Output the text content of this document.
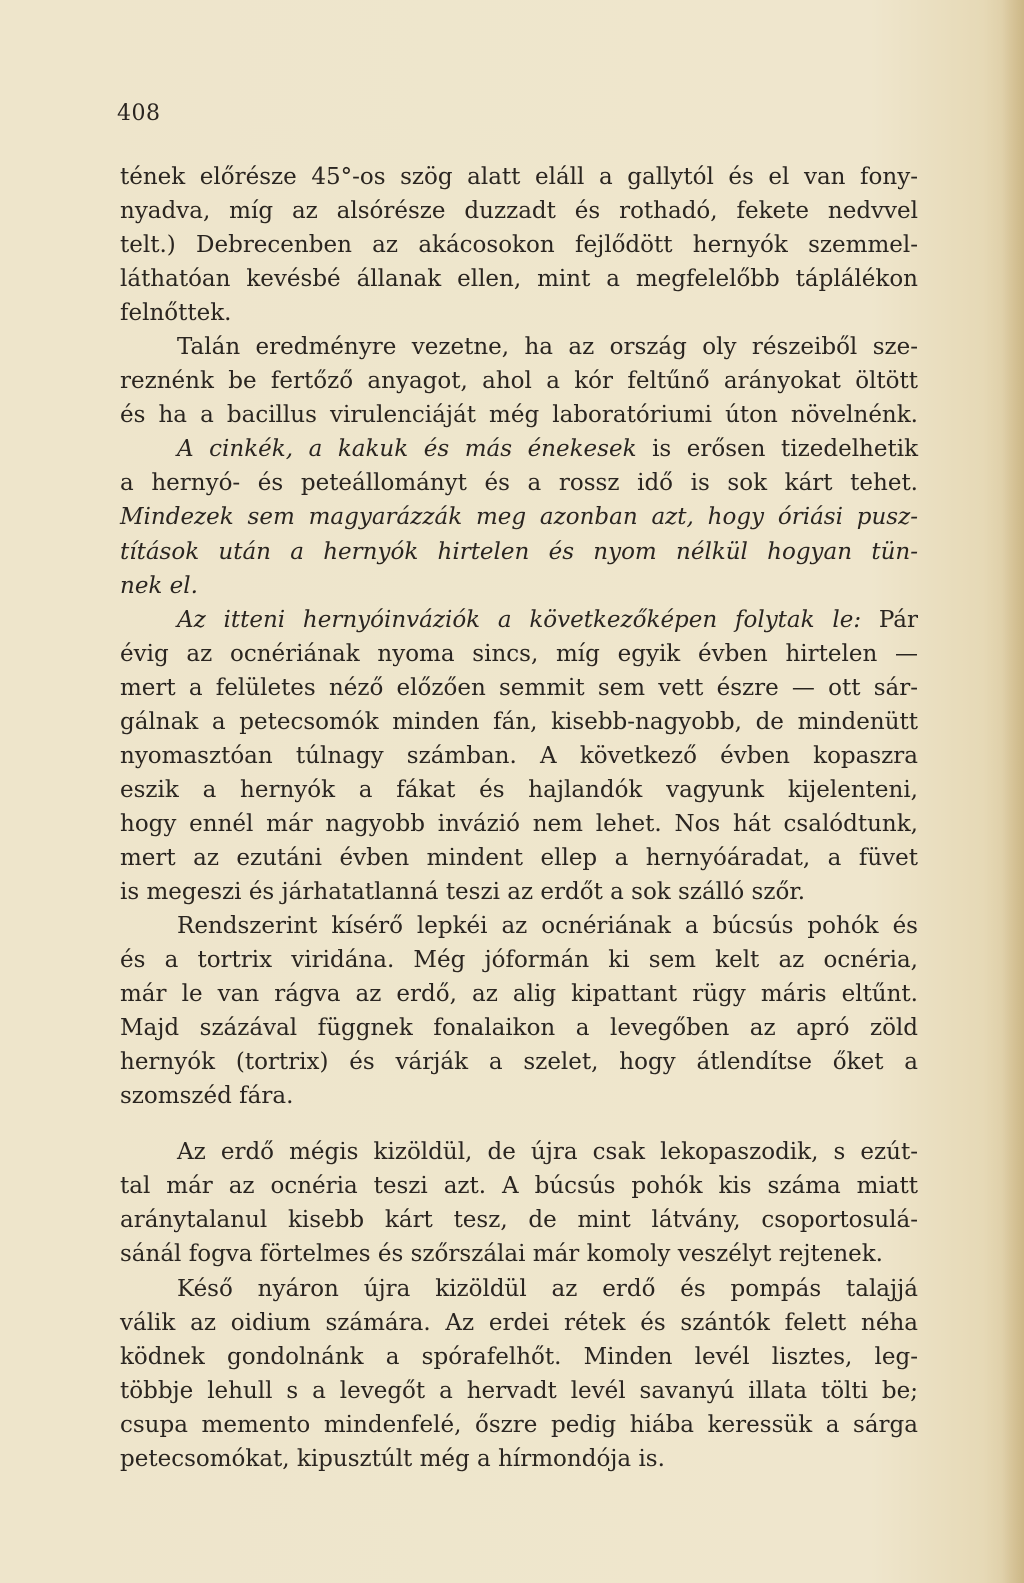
408
tének előrésze 45°-os szög alatt eláll a gallytól és el van fony-
nyadva, míg az alsórésze duzzadt és rothadó, fekete nedvvel
telt.) Debrecenben az akácosokon fejlődött hernyók szemmel-
láthatóan kevésbé állanak ellen, mint a megfelelőbb táplálékon
felnőttek.
Talán eredményre vezetne, ha az ország oly részeiből sze-
reznénk be fertőző anyagot, ahol a kór feltűnő arányokat öltött
és ha a bacillus virulenciáját még laboratóriumi úton növelnénk.
A cinkék, a kakuk és más énekesek is erősen tizedelhetik
a hernyó- és peteállományt és a rossz idő is sok kárt tehet.
Mindezek sem magyarázzák meg azonban azt, hogy óriási pusz-
títások után a hernyók hirtelen és nyom nélkül hogyan tün-
nek el.
Az itteni hernyóinváziók a következőképen folytak le: Pár
évig az ocnériának nyoma sincs, míg egyik évben hirtelen —
mert a felületes néző előzően semmit sem vett észre — ott sár-
gálnak a petecsomók minden fán, kisebb-nagyobb, de mindenütt
nyomasztóan túlnagy számban. A következő évben kopaszra
eszik a hernyók a fákat és hajlandók vagyunk kijelenteni,
hogy ennél már nagyobb invázió nem lehet. Nos hát csalódtunk,
mert az ezutáni évben mindent ellep a hernyóáradat, a füvet
is megeszi és járhatatlanná teszi az erdőt a sok szálló szőr.
Rendszerint kísérő lepkéi az ocnériának a búcsús pohók és
és a tortrix viridána. Még jóformán ki sem kelt az ocnéria,
már le van rágva az erdő, az alig kipattant rügy máris eltűnt.
Majd százával függnek fonalaikon a levegőben az apró zöld
hernyók (tortrix) és várják a szelet, hogy átlendítse őket a
szomszéd fára.
Az erdő mégis kizöldül, de újra csak lekopaszodik, s ezút-
tal már az ocnéria teszi azt. A búcsús pohók kis száma miatt
aránytalanul kisebb kárt tesz, de mint látvány, csoportosulá-
sánál fogva förtelmes és szőrszálai már komoly veszélyt rejtenek.
Késő nyáron újra kizöldül az erdő és pompás talajjá
válik az oidium számára. Az erdei rétek és szántók felett néha
ködnek gondolnánk a spórafelhőt. Minden levél lisztes, leg-
többje lehull s a levegőt a hervadt levél savanyú illata tölti be;
csupa memento mindenfelé, őszre pedig hiába keressük a sárga
petecsomókat, kipusztúlt még a hírmondója is.
